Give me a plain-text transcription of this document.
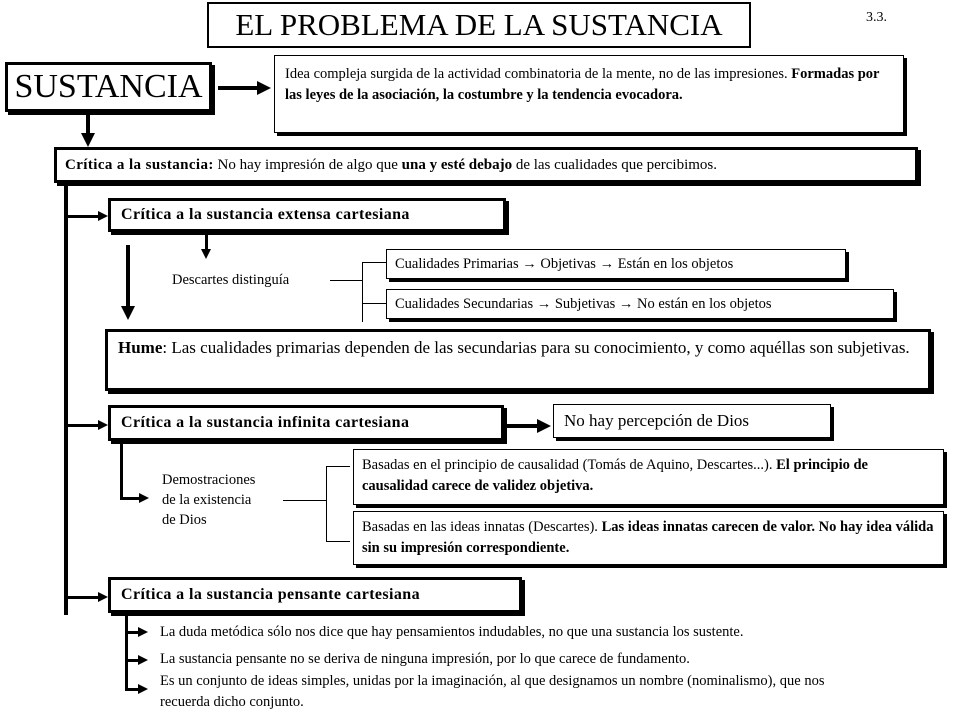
EL PROBLEMA DE LA SUSTANCIA	3.3.
SUSTANCIA	Idea compleja surgida de la actividad combinatoria de la mente, no de las impresiones. Formadas por las leyes de la asociación, la costumbre y la tendencia evocadora.
Crítica a la sustancia: No hay impresión de algo que una y esté debajo de las cualidades que percibimos.
Crítica a la sustancia extensa cartesiana
Descartes distinguía
Cualidades Primarias → Objetivas → Están en los objetos
Cualidades Secundarias → Subjetivas → No están en los objetos
Hume: Las cualidades primarias dependen de las secundarias para su conocimiento, y como aquéllas son subjetivas.
Crítica a la sustancia infinita cartesiana	No hay percepción de Dios
Demostraciones
de la existencia
de Dios
Basadas en el principio de causalidad (Tomás de Aquino, Descartes...). El principio de causalidad carece de validez objetiva.
Basadas en las ideas innatas (Descartes). Las ideas innatas carecen de valor. No hay idea válida sin su impresión correspondiente.
Crítica a la sustancia pensante cartesiana
La duda metódica sólo nos dice que hay pensamientos indudables, no que una sustancia los sustente.
La sustancia pensante no se deriva de ninguna impresión, por lo que carece de fundamento.
Es un conjunto de ideas simples, unidas por la imaginación, al que designamos un nombre (nominalismo), que nos recuerda dicho conjunto.
